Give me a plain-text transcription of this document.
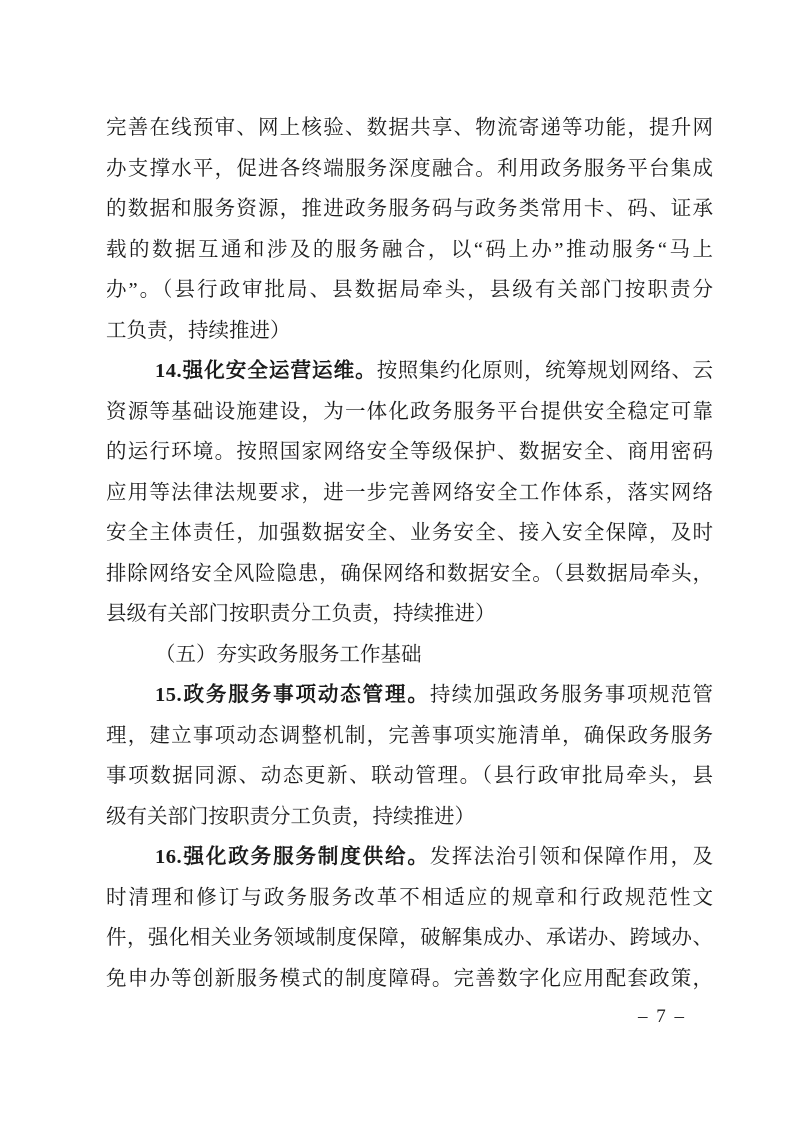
完善在线预审、网上核验、数据共享、物流寄递等功能，提升网
办支撑水平，促进各终端服务深度融合。利用政务服务平台集成
的数据和服务资源，推进政务服务码与政务类常用卡、码、证承
载的数据互通和涉及的服务融合，以“码上办”推动服务“马上
办”。（县行政审批局、县数据局牵头，县级有关部门按职责分
工负责，持续推进）
14.强化安全运营运维。按照集约化原则，统筹规划网络、云
资源等基础设施建设，为一体化政务服务平台提供安全稳定可靠
的运行环境。按照国家网络安全等级保护、数据安全、商用密码
应用等法律法规要求，进一步完善网络安全工作体系，落实网络
安全主体责任，加强数据安全、业务安全、接入安全保障，及时
排除网络安全风险隐患，确保网络和数据安全。（县数据局牵头，
县级有关部门按职责分工负责，持续推进）
（五）夯实政务服务工作基础
15.政务服务事项动态管理。持续加强政务服务事项规范管
理，建立事项动态调整机制，完善事项实施清单，确保政务服务
事项数据同源、动态更新、联动管理。（县行政审批局牵头，县
级有关部门按职责分工负责，持续推进）
16.强化政务服务制度供给。发挥法治引领和保障作用，及
时清理和修订与政务服务改革不相适应的规章和行政规范性文
件，强化相关业务领域制度保障，破解集成办、承诺办、跨域办、
免申办等创新服务模式的制度障碍。完善数字化应用配套政策，
– 7 –
